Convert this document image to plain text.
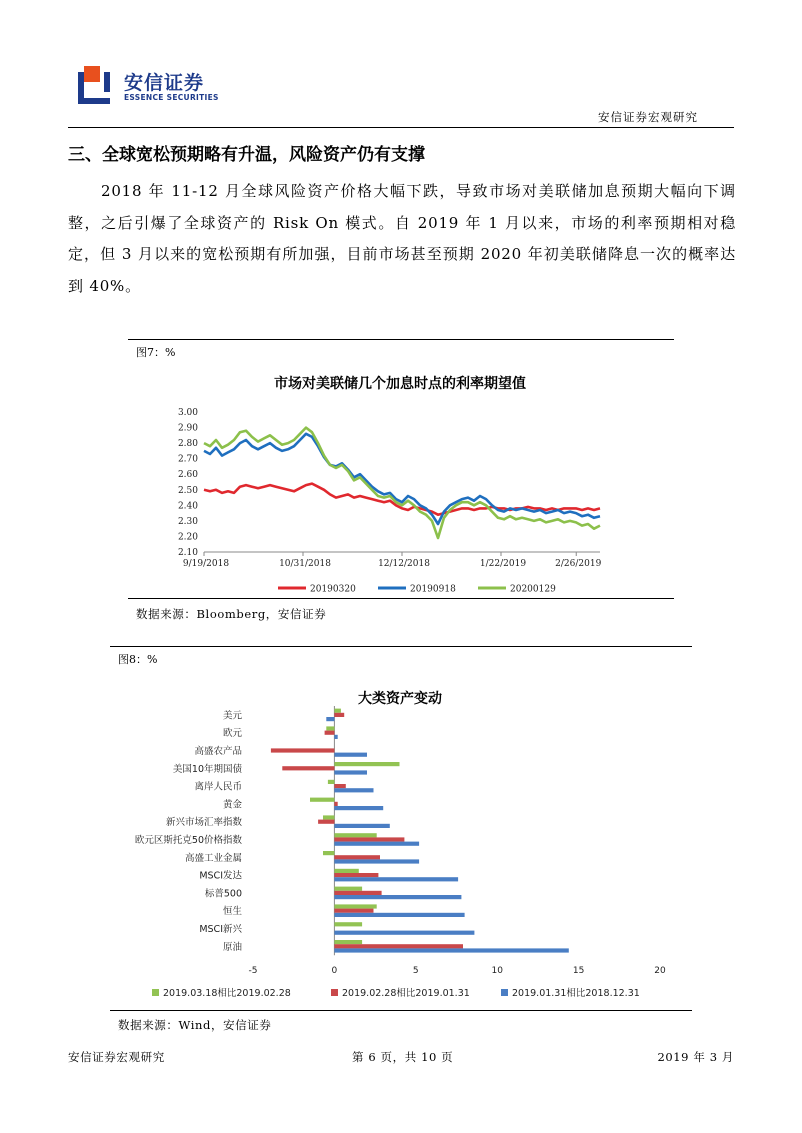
安信证券
ESSENCE SECURITIES
安信证券宏观研究
三、全球宽松预期略有升温，风险资产仍有支撑
2018 年 11-12 月全球风险资产价格大幅下跌，导致市场对美联储加息预期大幅向下调整，之后引爆了全球资产的 Risk On 模式。自 2019 年 1 月以来，市场的利率预期相对稳定，但 3 月以来的宽松预期有所加强，目前市场甚至预期 2020 年初美联储降息一次的概率达到 40%。
图7：%
市场对美联储几个加息时点的利率期望值
3.00
2.90
2.80
2.70
2.60
2.50
2.40
2.30
2.20
2.10
9/19/2018	10/31/2018	12/12/2018	1/22/2019	2/26/2019
20190320	20190918	20200129
数据来源：Bloomberg，安信证券
图8：%
大类资产变动
美元
欧元
高盛农产品
美国10年期国债
离岸人民币
黄金
新兴市场汇率指数
欧元区斯托克50价格指数
高盛工业金属
MSCI发达
标普500
恒生
MSCI新兴
原油
-5	0	5	10	15	20
2019.03.18相比2019.02.28	2019.02.28相比2019.01.31	2019.01.31相比2018.12.31
数据来源：Wind，安信证券
安信证券宏观研究	第 6 页，共 10 页	2019 年 3 月
